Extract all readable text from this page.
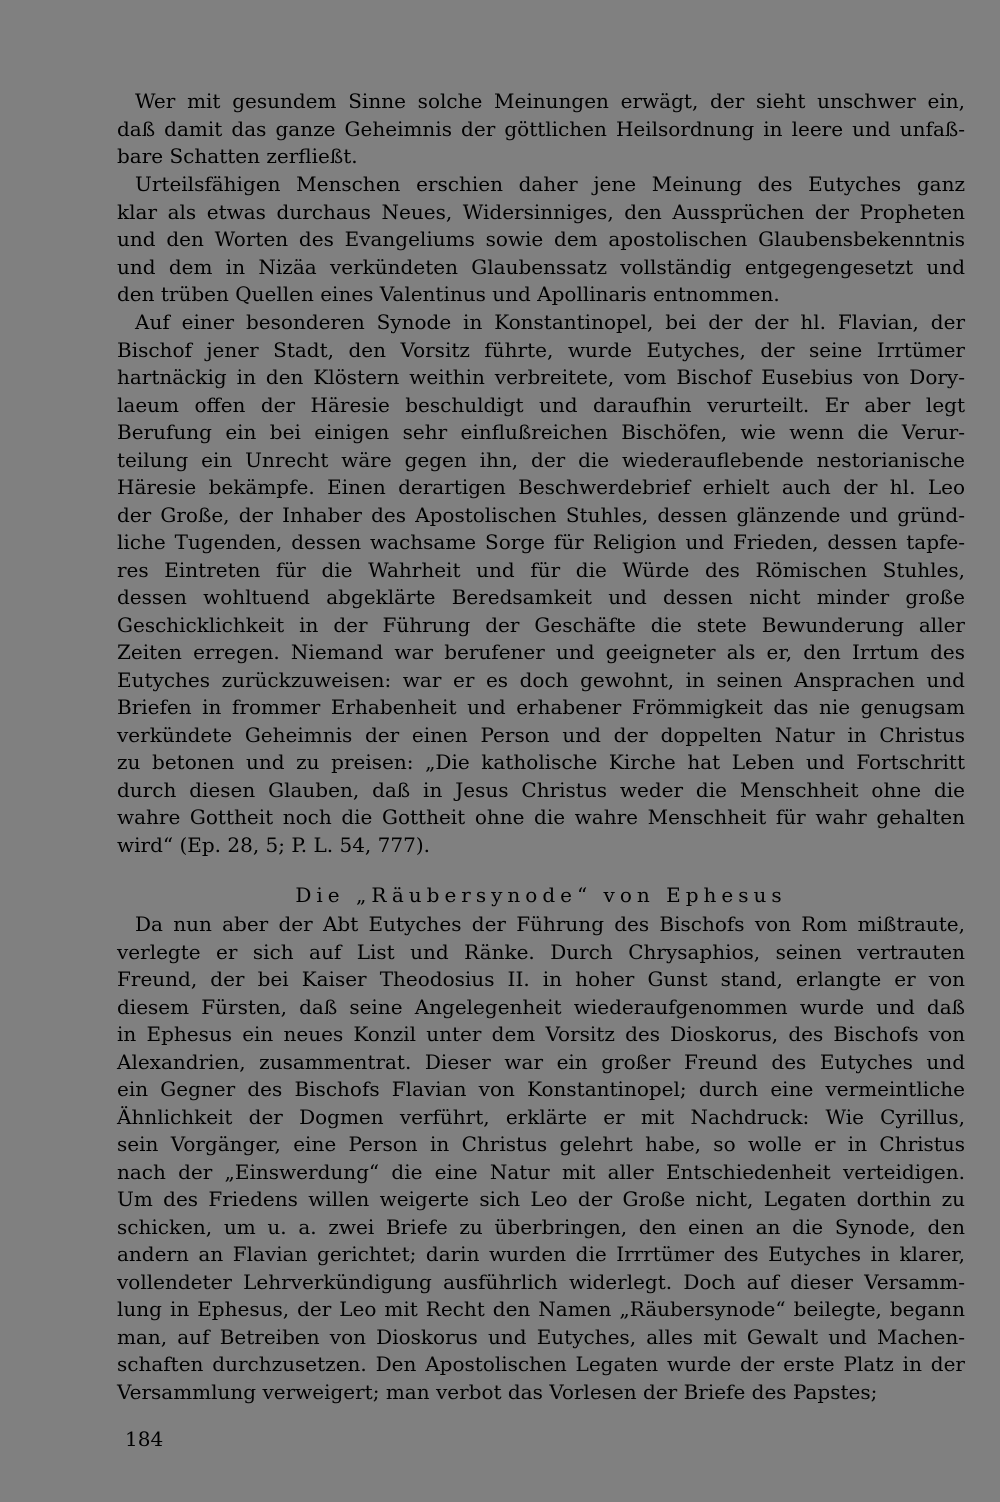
Wer mit gesundem Sinne solche Meinungen erwägt, der sieht unschwer ein,
daß damit das ganze Geheimnis der göttlichen Heilsordnung in leere und unfaß-
bare Schatten zerfließt.
Urteilsfähigen Menschen erschien daher jene Meinung des Eutyches ganz
klar als etwas durchaus Neues, Widersinniges, den Aussprüchen der Propheten
und den Worten des Evangeliums sowie dem apostolischen Glaubensbekenntnis
und dem in Nizäa verkündeten Glaubenssatz vollständig entgegengesetzt und
den trüben Quellen eines Valentinus und Apollinaris entnommen.
Auf einer besonderen Synode in Konstantinopel, bei der der hl. Flavian, der
Bischof jener Stadt, den Vorsitz führte, wurde Eutyches, der seine Irrtümer
hartnäckig in den Klöstern weithin verbreitete, vom Bischof Eusebius von Dory-
laeum offen der Häresie beschuldigt und daraufhin verurteilt. Er aber legt
Berufung ein bei einigen sehr einflußreichen Bischöfen, wie wenn die Verur-
teilung ein Unrecht wäre gegen ihn, der die wiederauflebende nestorianische
Häresie bekämpfe. Einen derartigen Beschwerdebrief erhielt auch der hl. Leo
der Große, der Inhaber des Apostolischen Stuhles, dessen glänzende und gründ-
liche Tugenden, dessen wachsame Sorge für Religion und Frieden, dessen tapfe-
res Eintreten für die Wahrheit und für die Würde des Römischen Stuhles,
dessen wohltuend abgeklärte Beredsamkeit und dessen nicht minder große
Geschicklichkeit in der Führung der Geschäfte die stete Bewunderung aller
Zeiten erregen. Niemand war berufener und geeigneter als er, den Irrtum des
Eutyches zurückzuweisen: war er es doch gewohnt, in seinen Ansprachen und
Briefen in frommer Erhabenheit und erhabener Frömmigkeit das nie genugsam
verkündete Geheimnis der einen Person und der doppelten Natur in Christus
zu betonen und zu preisen: „Die katholische Kirche hat Leben und Fortschritt
durch diesen Glauben, daß in Jesus Christus weder die Menschheit ohne die
wahre Gottheit noch die Gottheit ohne die wahre Menschheit für wahr gehalten
wird“ (Ep. 28, 5; P. L. 54, 777).
Die „Räubersynode“ von Ephesus
Da nun aber der Abt Eutyches der Führung des Bischofs von Rom mißtraute,
verlegte er sich auf List und Ränke. Durch Chrysaphios, seinen vertrauten
Freund, der bei Kaiser Theodosius II. in hoher Gunst stand, erlangte er von
diesem Fürsten, daß seine Angelegenheit wiederaufgenommen wurde und daß
in Ephesus ein neues Konzil unter dem Vorsitz des Dioskorus, des Bischofs von
Alexandrien, zusammentrat. Dieser war ein großer Freund des Eutyches und
ein Gegner des Bischofs Flavian von Konstantinopel; durch eine vermeintliche
Ähnlichkeit der Dogmen verführt, erklärte er mit Nachdruck: Wie Cyrillus,
sein Vorgänger, eine Person in Christus gelehrt habe, so wolle er in Christus
nach der „Einswerdung“ die eine Natur mit aller Entschiedenheit verteidigen.
Um des Friedens willen weigerte sich Leo der Große nicht, Legaten dorthin zu
schicken, um u. a. zwei Briefe zu überbringen, den einen an die Synode, den
andern an Flavian gerichtet; darin wurden die Irrrtümer des Eutyches in klarer,
vollendeter Lehrverkündigung ausführlich widerlegt. Doch auf dieser Versamm-
lung in Ephesus, der Leo mit Recht den Namen „Räubersynode“ beilegte, begann
man, auf Betreiben von Dioskorus und Eutyches, alles mit Gewalt und Machen-
schaften durchzusetzen. Den Apostolischen Legaten wurde der erste Platz in der
Versammlung verweigert; man verbot das Vorlesen der Briefe des Papstes;
184
